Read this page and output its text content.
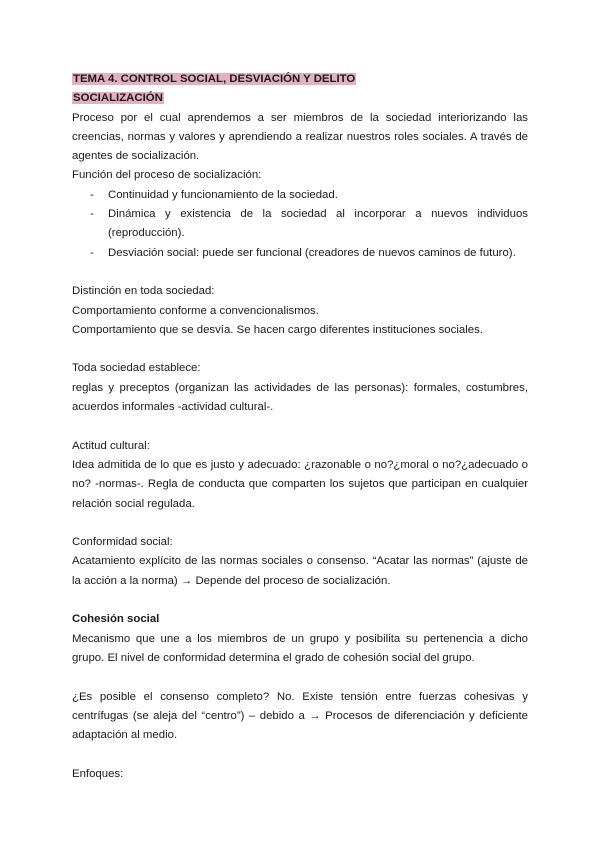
TEMA 4. CONTROL SOCIAL, DESVIACIÓN Y DELITO
SOCIALIZACIÓN

Proceso por el cual aprendemos a ser miembros de la sociedad interiorizando las creencias, normas y valores y aprendiendo a realizar nuestros roles sociales. A través de agentes de socialización.

Función del proceso de socialización:

- Continuidad y funcionamiento de la sociedad.
- Dinámica y existencia de la sociedad al incorporar a nuevos individuos (reproducción).
- Desviación social: puede ser funcional (creadores de nuevos caminos de futuro).

Distinción en toda sociedad:

Comportamiento conforme a convencionalismos.

Comportamiento que se desvía. Se hacen cargo diferentes instituciones sociales.

Toda sociedad establece:

reglas y preceptos (organizan las actividades de las personas): formales, costumbres, acuerdos informales -actividad cultural-.

Actitud cultural:

Idea admitida de lo que es justo y adecuado: ¿razonable o no?¿moral o no?¿adecuado o no? -normas-. Regla de conducta que comparten los sujetos que participan en cualquier relación social regulada.

Conformidad social:

Acatamiento explícito de las normas sociales o consenso. “Acatar las normas” (ajuste de la acción a la norma) → Depende del proceso de socialización.

Cohesión social

Mecanismo que une a los miembros de un grupo y posibilita su pertenencia a dicho grupo. El nivel de conformidad determina el grado de cohesión social del grupo.

¿Es posible el consenso completo? No. Existe tensión entre fuerzas cohesivas y centrífugas (se aleja del “centro”) – debido a → Procesos de diferenciación y deficiente adaptación al medio.

Enfoques:
